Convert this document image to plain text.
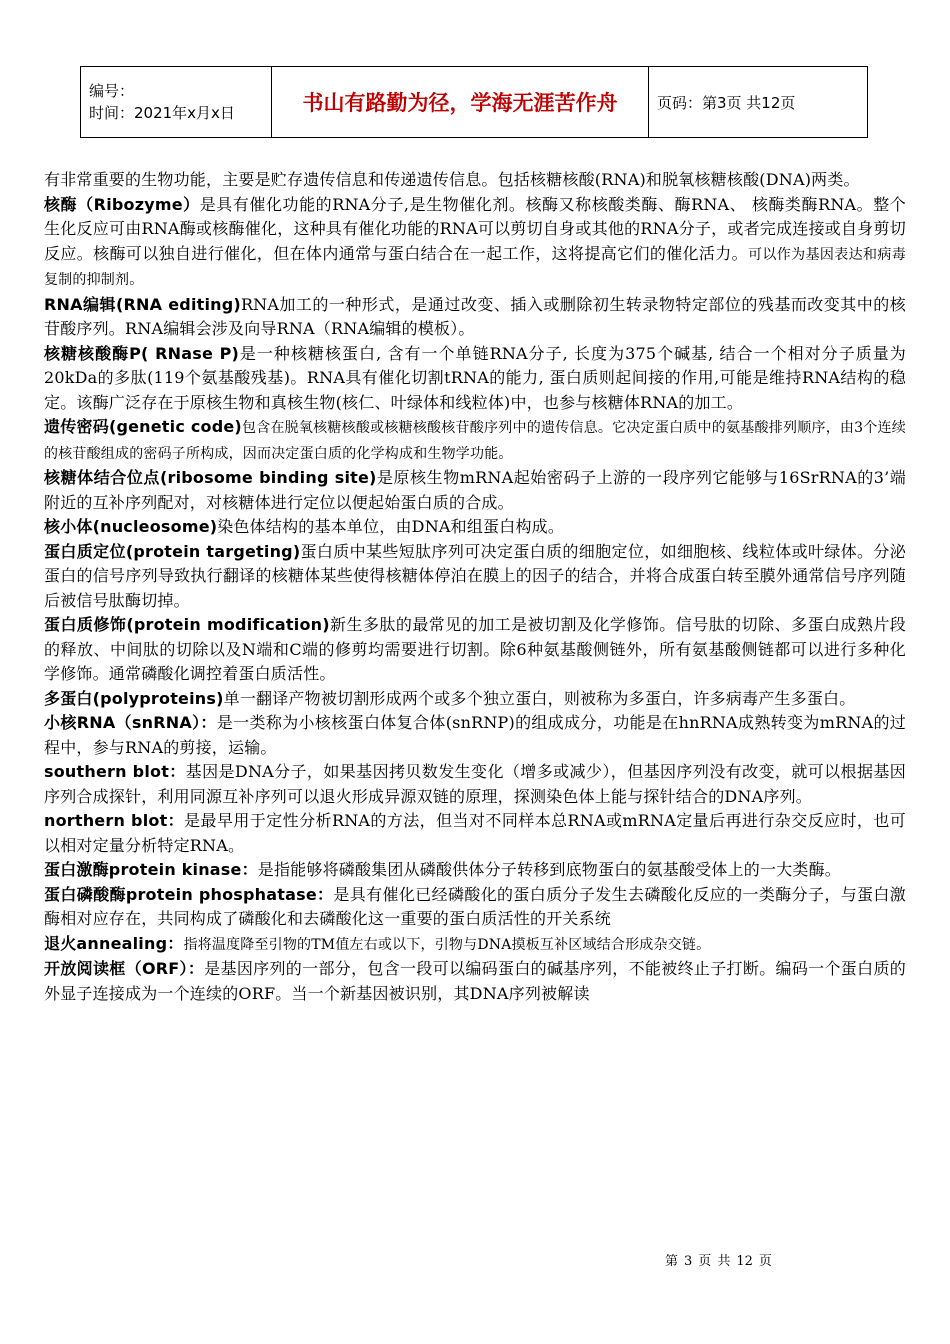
编号：
时间：2021年x月x日	书山有路勤为径，学海无涯苦作舟	页码：第3页 共12页

有非常重要的生物功能，主要是贮存遗传信息和传递遗传信息。包括核糖核酸(RNA)和脱氧核糖核酸(DNA)两类。

核酶（Ribozyme）是具有催化功能的RNA分子,是生物催化剂。核酶又称核酸类酶、酶RNA、 核酶类酶RNA。整个生化反应可由RNA酶或核酶催化，这种具有催化功能的RNA可以剪切自身或其他的RNA分子，或者完成连接或自身剪切反应。核酶可以独自进行催化，但在体内通常与蛋白结合在一起工作，这将提高它们的催化活力。可以作为基因表达和病毒复制的抑制剂。

RNA编辑(RNA editing)RNA加工的一种形式，是通过改变、插入或删除初生转录物特定部位的残基而改变其中的核苷酸序列。RNA编辑会涉及向导RNA（RNA编辑的模板）。

核糖核酸酶P( RNase P)是一种核糖核蛋白, 含有一个单链RNA分子, 长度为375个碱基, 结合一个相对分子质量为20kDa的多肽(119个氨基酸残基)。RNA具有催化切割tRNA的能力, 蛋白质则起间接的作用,可能是维持RNA结构的稳定。该酶广泛存在于原核生物和真核生物(核仁、叶绿体和线粒体)中，也参与核糖体RNA的加工。

遗传密码(genetic code)包含在脱氧核糖核酸或核糖核酸核苷酸序列中的遗传信息。它决定蛋白质中的氨基酸排列顺序，由3个连续的核苷酸组成的密码子所构成，因而决定蛋白质的化学构成和生物学功能。

核糖体结合位点(ribosome binding site)是原核生物mRNA起始密码子上游的一段序列它能够与16SrRNA的3’端附近的互补序列配对，对核糖体进行定位以便起始蛋白质的合成。

核小体(nucleosome)染色体结构的基本单位，由DNA和组蛋白构成。

蛋白质定位(protein targeting)蛋白质中某些短肽序列可决定蛋白质的细胞定位，如细胞核、线粒体或叶绿体。分泌蛋白的信号序列导致执行翻译的核糖体某些使得核糖体停泊在膜上的因子的结合，并将合成蛋白转至膜外通常信号序列随后被信号肽酶切掉。

蛋白质修饰(protein modification)新生多肽的最常见的加工是被切割及化学修饰。信号肽的切除、多蛋白成熟片段的释放、中间肽的切除以及N端和C端的修剪均需要进行切割。除6种氨基酸侧链外，所有氨基酸侧链都可以进行多种化学修饰。通常磷酸化调控着蛋白质活性。

多蛋白(polyproteins)单一翻译产物被切割形成两个或多个独立蛋白，则被称为多蛋白，许多病毒产生多蛋白。

小核RNA（snRNA）：是一类称为小核核蛋白体复合体(snRNP)的组成成分，功能是在hnRNA成熟转变为mRNA的过程中，参与RNA的剪接，运输。

southern blot：基因是DNA分子，如果基因拷贝数发生变化（增多或减少），但基因序列没有改变，就可以根据基因序列合成探针，利用同源互补序列可以退火形成异源双链的原理，探测染色体上能与探针结合的DNA序列。

northern blot：是最早用于定性分析RNA的方法，但当对不同样本总RNA或mRNA定量后再进行杂交反应时，也可以相对定量分析特定RNA。

蛋白激酶protein kinase：是指能够将磷酸集团从磷酸供体分子转移到底物蛋白的氨基酸受体上的一大类酶。

蛋白磷酸酶protein phosphatase：是具有催化已经磷酸化的蛋白质分子发生去磷酸化反应的一类酶分子，与蛋白激酶相对应存在，共同构成了磷酸化和去磷酸化这一重要的蛋白质活性的开关系统

退火annealing：指将温度降至引物的TM值左右或以下，引物与DNA摸板互补区域结合形成杂交链。

开放阅读框（ORF）：是基因序列的一部分，包含一段可以编码蛋白的碱基序列，不能被终止子打断。编码一个蛋白质的外显子连接成为一个连续的ORF。当一个新基因被识别，其DNA序列被解读

第 3 页 共 12 页
